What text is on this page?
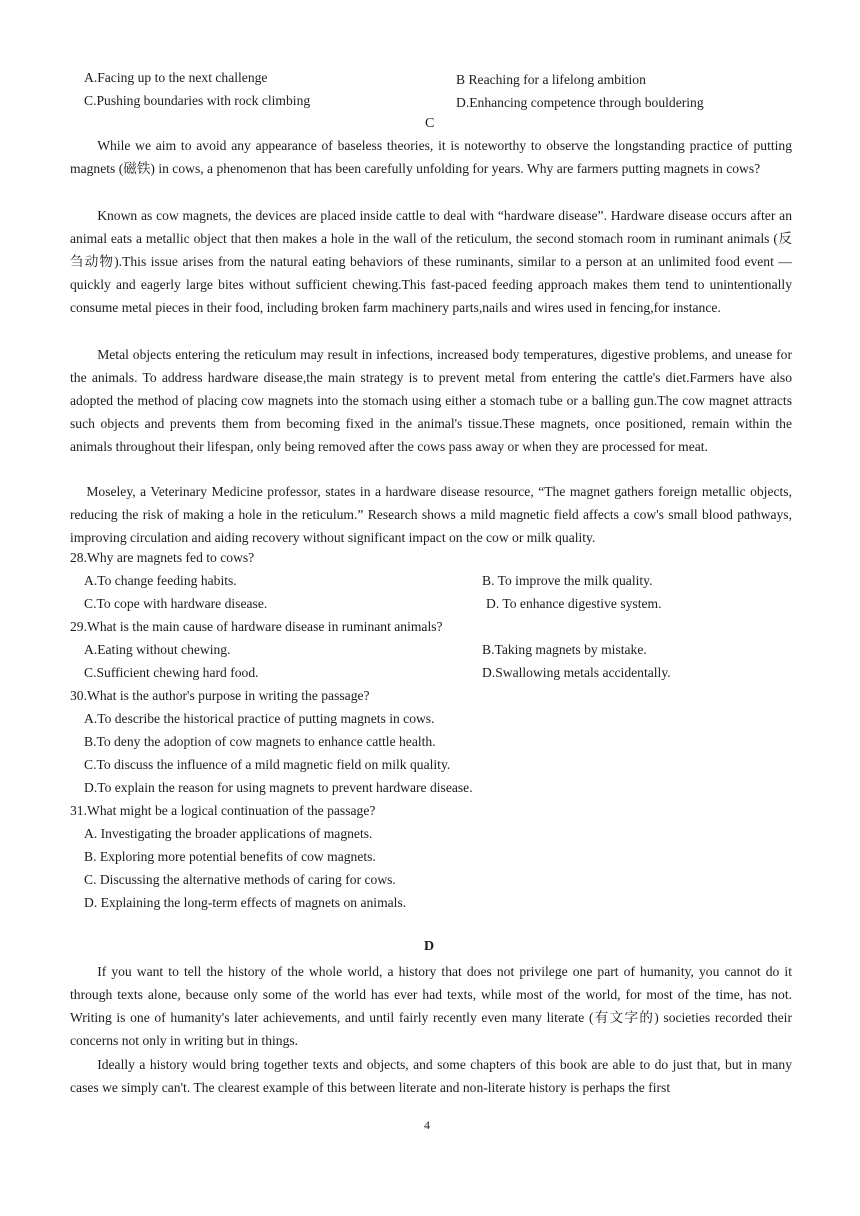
A.Facing up to the next challenge	B Reaching for a lifelong ambition
C.Pushing boundaries with rock climbing	D.Enhancing competence through bouldering
C

While we aim to avoid any appearance of baseless theories, it is noteworthy to observe the longstanding practice of putting magnets (磁铁) in cows, a phenomenon that has been carefully unfolding for years. Why are farmers putting magnets in cows?

Known as cow magnets, the devices are placed inside cattle to deal with “hardware disease”. Hardware disease occurs after an animal eats a metallic object that then makes a hole in the wall of the reticulum, the second stomach room in ruminant animals (反刍动物).This issue arises from the natural eating behaviors of these ruminants, similar to a person at an unlimited food event — quickly and eagerly large bites without sufficient chewing.This fast-paced feeding approach makes them tend to unintentionally consume metal pieces in their food, including broken farm machinery parts,nails and wires used in fencing,for instance.

Metal objects entering the reticulum may result in infections, increased body temperatures, digestive problems, and unease for the animals. To address hardware disease,the main strategy is to prevent metal from entering the cattle's diet.Farmers have also adopted the method of placing cow magnets into the stomach using either a stomach tube or a balling gun.The cow magnet attracts such objects and prevents them from becoming fixed in the animal's tissue.These magnets, once positioned, remain within the animals throughout their lifespan, only being removed after the cows pass away or when they are processed for meat.

Moseley, a Veterinary Medicine professor, states in a hardware disease resource, “The magnet gathers foreign metallic objects, reducing the risk of making a hole in the reticulum.” Research shows a mild magnetic field affects a cow's small blood pathways, improving circulation and aiding recovery without significant impact on the cow or milk quality.

28.Why are magnets fed to cows?
A.To change feeding habits.	B. To improve the milk quality.
C.To cope with hardware disease.	D. To enhance digestive system.
29.What is the main cause of hardware disease in ruminant animals?
A.Eating without chewing.	B.Taking magnets by mistake.
C.Sufficient chewing hard food.	D.Swallowing metals accidentally.
30.What is the author's purpose in writing the passage?
A.To describe the historical practice of putting magnets in cows.
B.To deny the adoption of cow magnets to enhance cattle health.
C.To discuss the influence of a mild magnetic field on milk quality.
D.To explain the reason for using magnets to prevent hardware disease.
31.What might be a logical continuation of the passage?
A. Investigating the broader applications of magnets.
B. Exploring more potential benefits of cow magnets.
C. Discussing the alternative methods of caring for cows.
D. Explaining the long-term effects of magnets on animals.
D

If you want to tell the history of the whole world, a history that does not privilege one part of humanity, you cannot do it through texts alone, because only some of the world has ever had texts, while most of the world, for most of the time, has not. Writing is one of humanity's later achievements, and until fairly recently even many literate (有文字的) societies recorded their concerns not only in writing but in things.

Ideally a history would bring together texts and objects, and some chapters of this book are able to do just that, but in many cases we simply can't. The clearest example of this between literate and non-literate history is perhaps the first

4
